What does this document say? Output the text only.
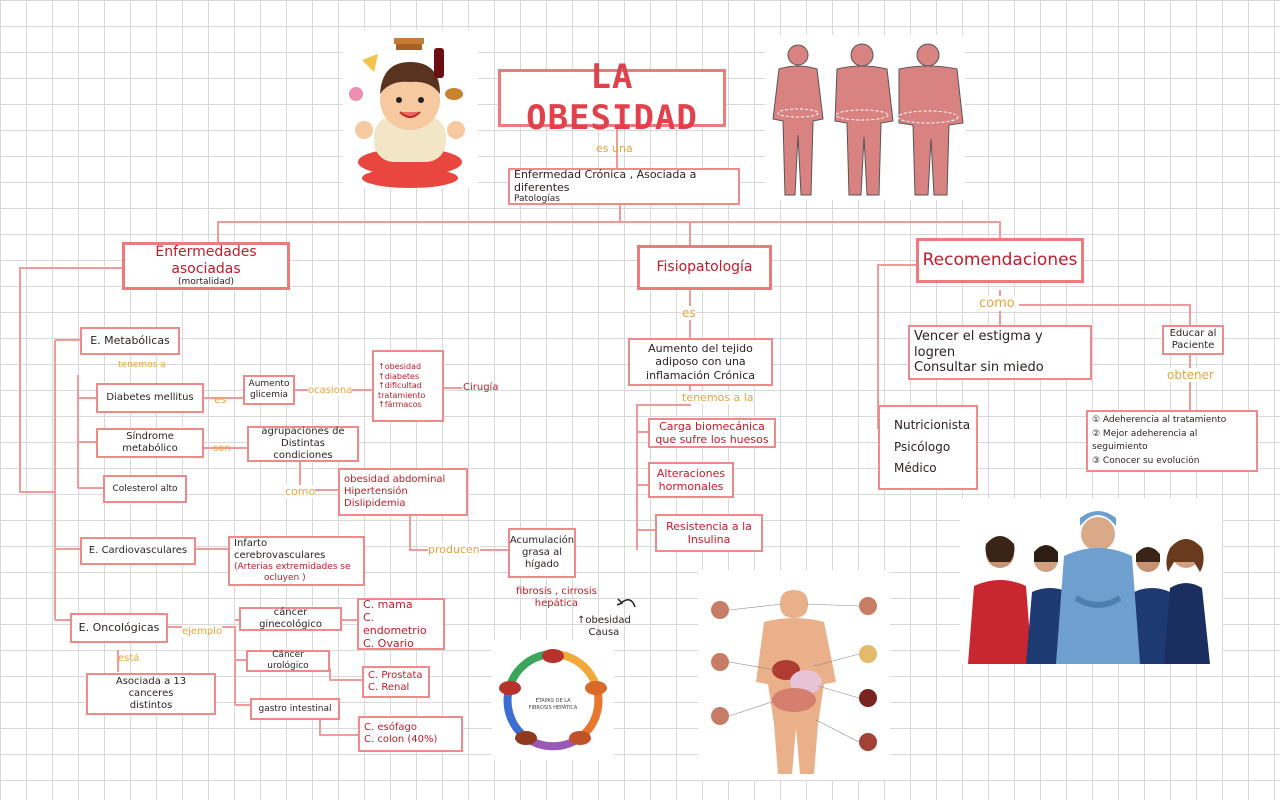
LA OBESIDAD
es una
Enfermedad Crónica , Asociada a diferentes
Patologías
Enfermedades asociadas
(mortalidad)
Fisiopatología	Recomendaciones
E. Metabólicas
tenemos a
Diabetes mellitus es
Aumento
glicemia ocasiona
↑obesidad
↑diabetes
↑dificultad tratamiento
↑fármacos
Cirugía
Síndrome metabólico	son
agrupaciones de
Distintas condiciones
como
obesidad abdominal
Hipertensión
Dislipidemia
Colesterol alto
producen
Acumulación
grasa al
hígado
fibrosis , cirrosis
hepática
↑obesidad
Causa
E. Cardiovasculares
Infarto cerebrovasculares
(Arterias extremidades se
ocluyen )
E. Oncológicas ejemplo
está
Asociada a 13 canceres
distintos
cáncer ginecológico
C. mama
C. endometrio
C. Ovario
Cáncer urológico
C. Prostata
C. Renal
gastro intestinal
C. esófago
C. colon (40%)
es
Aumento del tejido
adiposo con una
inflamación Crónica
tenemos a la
Carga biomecánica
que sufre los huesos
Alteraciones
hormonales
Resistencia a la
Insulina
como
Vencer el estigma y logren
Consultar sin miedo
Educar al
Paciente
obtener
Nutricionista
Psicólogo
Médico
① Adeherencia al tratamiento
② Mejor adeherencia al seguimiento
③ Conocer su evolución
ETAPAS DE LA
FIBROSIS HEPÁTICA
